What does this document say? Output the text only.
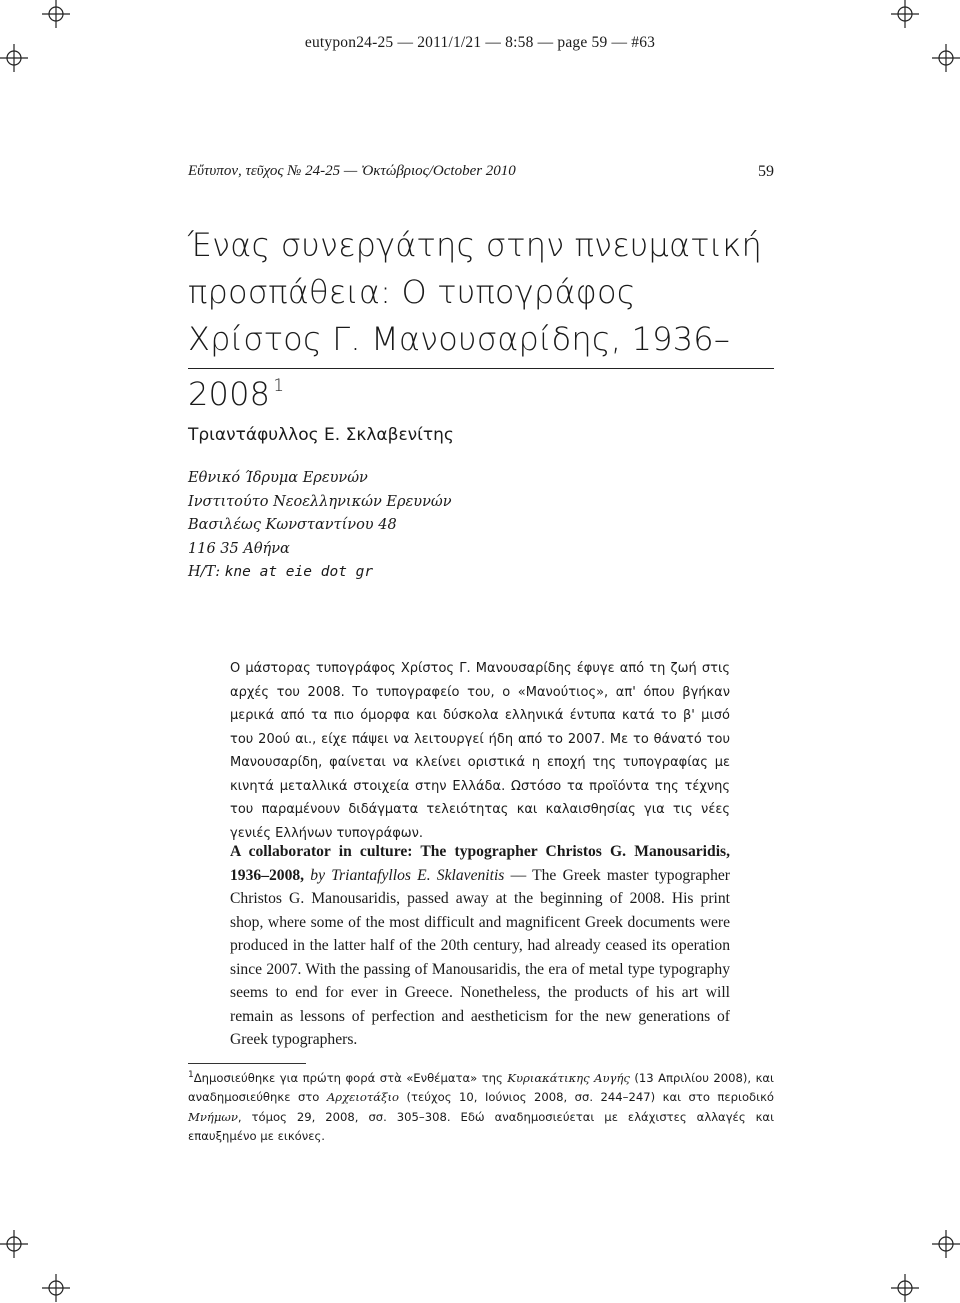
eutypon24-25 — 2011/1/21 — 8:58 — page 59 — #63
Εὔτυπον, τεῦχος № 24-25 — Ὀκτώβριος/October 2010	59
Ένας συνεργάτης στην πνευματική
προσπάθεια: Ο τυπογράφος
Χρίστος Γ. Μανουσαρίδης, 1936–2008 $^1$
Τριαντάφυλλος Ε. Σκλαβενίτης
Εθνικό Ίδρυμα Ερευνών
Ινστιτούτο Νεοελληνικών Ερευνών
Βασιλέως Κωνσταντίνου 48
116 35 Αθήνα
Η/Τ: kne at eie dot gr
Ο μάστορας τυπογράφος Χρίστος Γ. Μανουσαρίδης έφυγε από τη ζωή στις αρχές του 2008. Το τυπογραφείο του, ο «Μανούτιος», απ' όπου βγήκαν μερικά από τα πιο όμορφα και δύσκολα ελληνικά έντυπα κατά το β' μισό του 20ού αι., είχε πάψει να λειτουργεί ήδη από το 2007. Με το θάνατό του Μανουσαρίδη, φαίνεται να κλείνει οριστικά η εποχή της τυπογραφίας με κινητά μεταλλικά στοιχεία στην Ελλάδα. Ωστόσο τα προϊόντα της τέχνης του παραμένουν διδάγματα τελειότητας και καλαισθησίας για τις νέες γενιές Ελλήνων τυπογράφων.
A collaborator in culture: The typographer Christos G. Manousaridis, 1936–2008, by Triantafyllos E. Sklavenitis — The Greek master typographer Christos G. Manousaridis, passed away at the beginning of 2008. His print shop, where some of the most difficult and magnificent Greek documents were produced in the latter half of the 20th century, had already ceased its operation since 2007. With the passing of Manousaridis, the era of metal type typography seems to end for ever in Greece. Nonetheless, the products of his art will remain as lessons of perfection and aestheticism for the new generations of Greek typographers.
$^1$Δημοσιεύθηκε για πρώτη φορά στὰ «Ενθέματα» της Κυριακάτικης Αυγής (13 Απριλίου 2008), και αναδημοσιεύθηκε στο Αρχειοτάξιο (τεύχος 10, Ιούνιος 2008, σσ. 244–247) και στο περιοδικό Μνήμων, τόμος 29, 2008, σσ. 305–308. Εδώ αναδημοσιεύεται με ελάχιστες αλλαγές και επαυξημένο με εικόνες.
